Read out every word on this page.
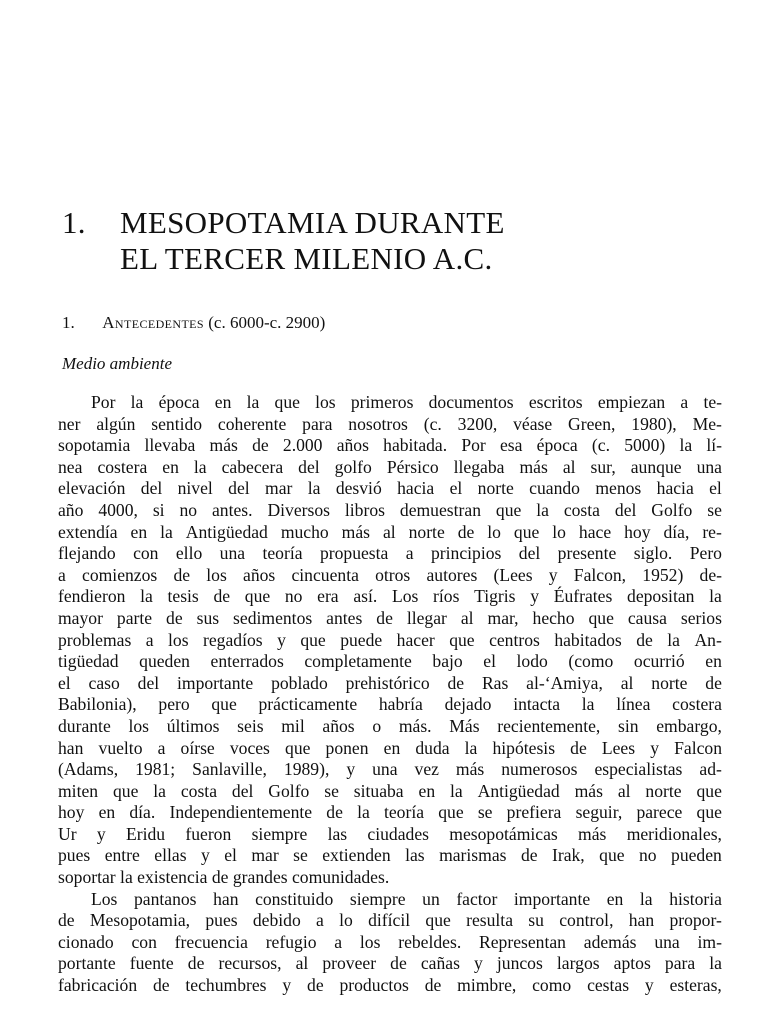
1. MESOPOTAMIA DURANTE
EL TERCER MILENIO A.C.
1. Antecedentes (c. 6000-c. 2900)
Medio ambiente
Por la época en la que los primeros documentos escritos empiezan a te-
ner algún sentido coherente para nosotros (c. 3200, véase Green, 1980), Me-
sopotamia llevaba más de 2.000 años habitada. Por esa época (c. 5000) la lí-
nea costera en la cabecera del golfo Pérsico llegaba más al sur, aunque una
elevación del nivel del mar la desvió hacia el norte cuando menos hacia el
año 4000, si no antes. Diversos libros demuestran que la costa del Golfo se
extendía en la Antigüedad mucho más al norte de lo que lo hace hoy día, re-
flejando con ello una teoría propuesta a principios del presente siglo. Pero
a comienzos de los años cincuenta otros autores (Lees y Falcon, 1952) de-
fendieron la tesis de que no era así. Los ríos Tigris y Éufrates depositan la
mayor parte de sus sedimentos antes de llegar al mar, hecho que causa serios
problemas a los regadíos y que puede hacer que centros habitados de la An-
tigüedad queden enterrados completamente bajo el lodo (como ocurrió en
el caso del importante poblado prehistórico de Ras al-‘Amiya, al norte de
Babilonia), pero que prácticamente habría dejado intacta la línea costera
durante los últimos seis mil años o más. Más recientemente, sin embargo,
han vuelto a oírse voces que ponen en duda la hipótesis de Lees y Falcon
(Adams, 1981; Sanlaville, 1989), y una vez más numerosos especialistas ad-
miten que la costa del Golfo se situaba en la Antigüedad más al norte que
hoy en día. Independientemente de la teoría que se prefiera seguir, parece que
Ur y Eridu fueron siempre las ciudades mesopotámicas más meridionales,
pues entre ellas y el mar se extienden las marismas de Irak, que no pueden
soportar la existencia de grandes comunidades.
Los pantanos han constituido siempre un factor importante en la historia
de Mesopotamia, pues debido a lo difícil que resulta su control, han propor-
cionado con frecuencia refugio a los rebeldes. Representan además una im-
portante fuente de recursos, al proveer de cañas y juncos largos aptos para la
fabricación de techumbres y de productos de mimbre, como cestas y esteras,
